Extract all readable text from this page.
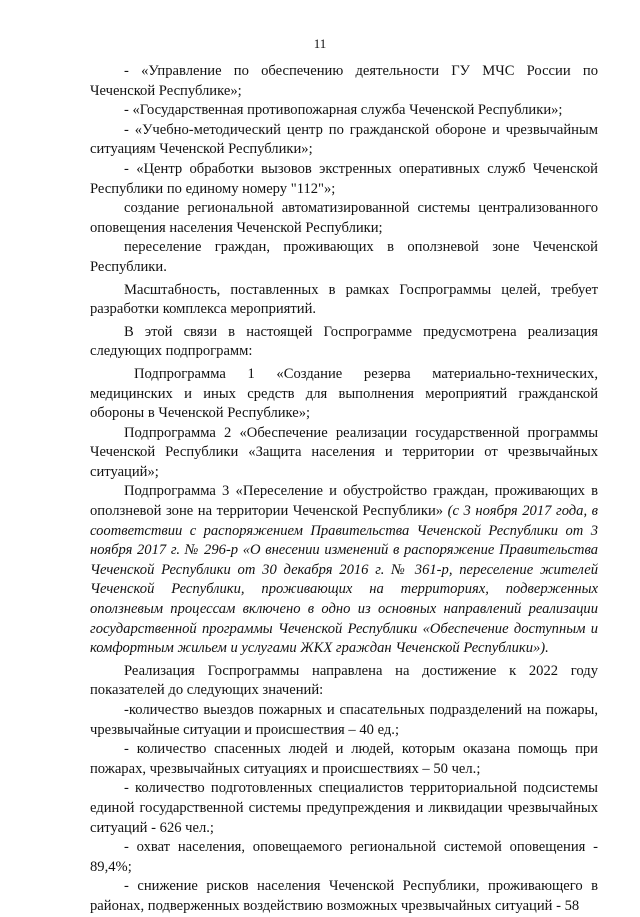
11

- «Управление по обеспечению деятельности ГУ МЧС России по Чеченской Республике»;

- «Государственная противопожарная служба Чеченской Республики»;

- «Учебно-методический центр по гражданской обороне и чрезвычайным ситуациям Чеченской Республики»;

- «Центр обработки вызовов экстренных оперативных служб Чеченской Республики по единому номеру "112"»;

создание региональной автоматизированной системы централизованного оповещения населения Чеченской Республики;

переселение граждан, проживающих в оползневой зоне Чеченской Республики.

Масштабность, поставленных в рамках Госпрограммы целей, требует разработки комплекса мероприятий.

В этой связи в настоящей Госпрограмме предусмотрена реализация следующих подпрограмм:

Подпрограмма 1 «Создание резерва материально-технических, медицинских и иных средств для выполнения мероприятий гражданской обороны в Чеченской Республике»;

Подпрограмма 2 «Обеспечение реализации государственной программы Чеченской Республики «Защита населения и территории от чрезвычайных ситуаций»;

Подпрограмма 3 «Переселение и обустройство граждан, проживающих в оползневой зоне на территории Чеченской Республики» (с 3 ноября 2017 года, в соответствии с распоряжением Правительства Чеченской Республики от 3 ноября 2017 г. № 296-р «О внесении изменений в распоряжение Правительства Чеченской Республики от 30 декабря 2016 г. № 361-р, переселение жителей Чеченской Республики, проживающих на территориях, подверженных оползневым процессам включено в одно из основных направлений реализации государственной программы Чеченской Республики «Обеспечение доступным и комфортным жильем и услугами ЖКХ граждан Чеченской Республики»).

Реализация Госпрограммы направлена на достижение к 2022 году показателей до следующих значений:

-количество выездов пожарных и спасательных подразделений на пожары, чрезвычайные ситуации и происшествия – 40 ед.;

- количество спасенных людей и людей, которым оказана помощь при пожарах, чрезвычайных ситуациях и происшествиях – 50 чел.;

- количество подготовленных специалистов территориальной подсистемы единой государственной системы предупреждения и ликвидации чрезвычайных ситуаций - 626 чел.;

- охват населения, оповещаемого региональной системой оповещения - 89,4%;

- снижение рисков населения Чеченской Республики, проживающего в районах, подверженных воздействию возможных чрезвычайных ситуаций - 58
